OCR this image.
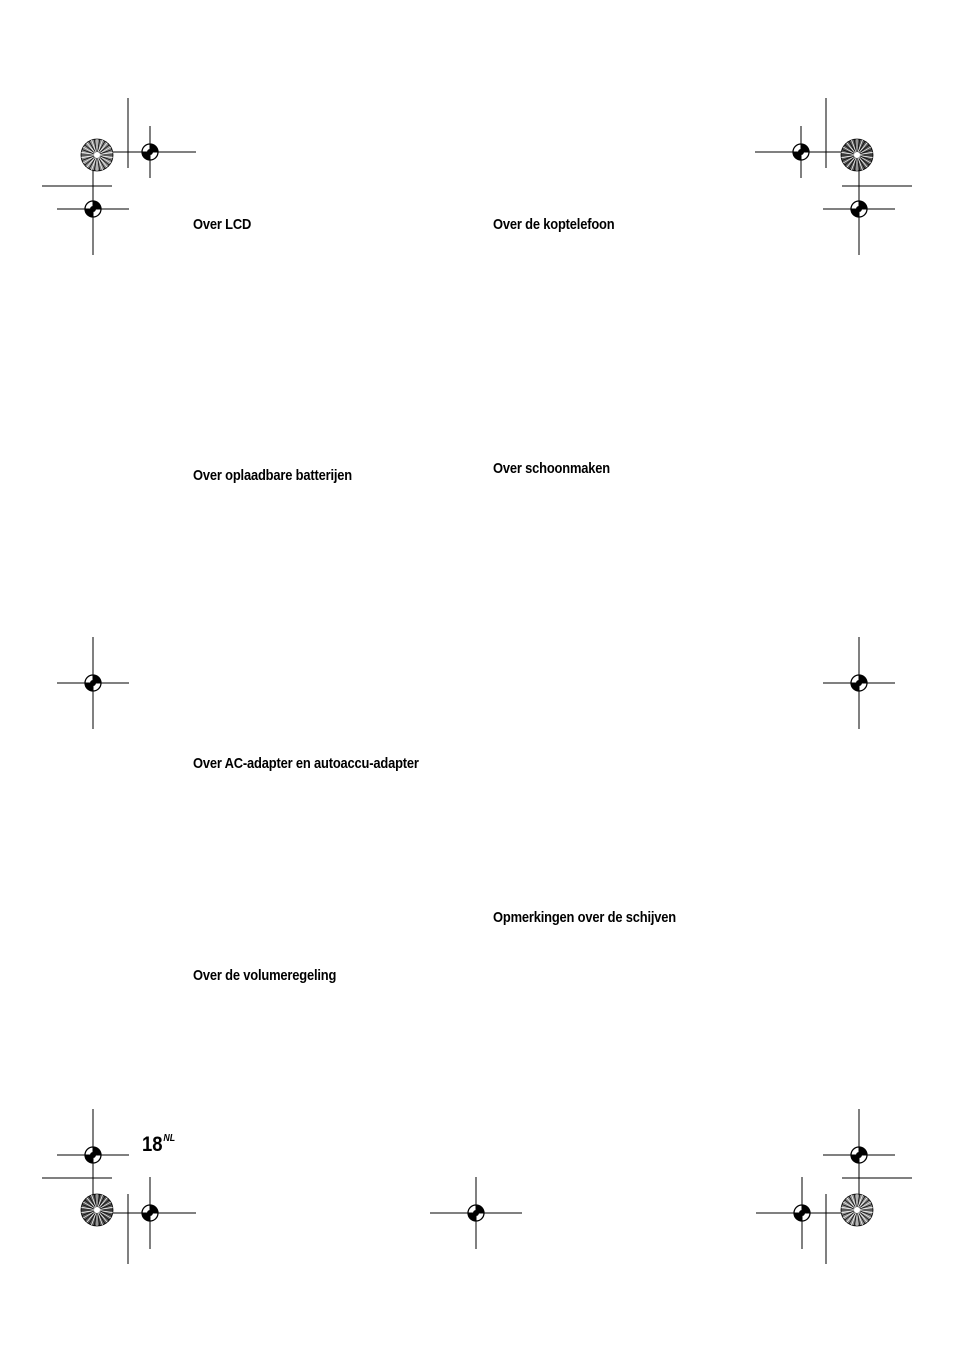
Over LCD
Over oplaadbare batterijen
Over AC-adapter en autoaccu-adapter
Over de volumeregeling
Over de koptelefoon
Over schoonmaken
Opmerkingen over de schijven
$18^{NL}$
